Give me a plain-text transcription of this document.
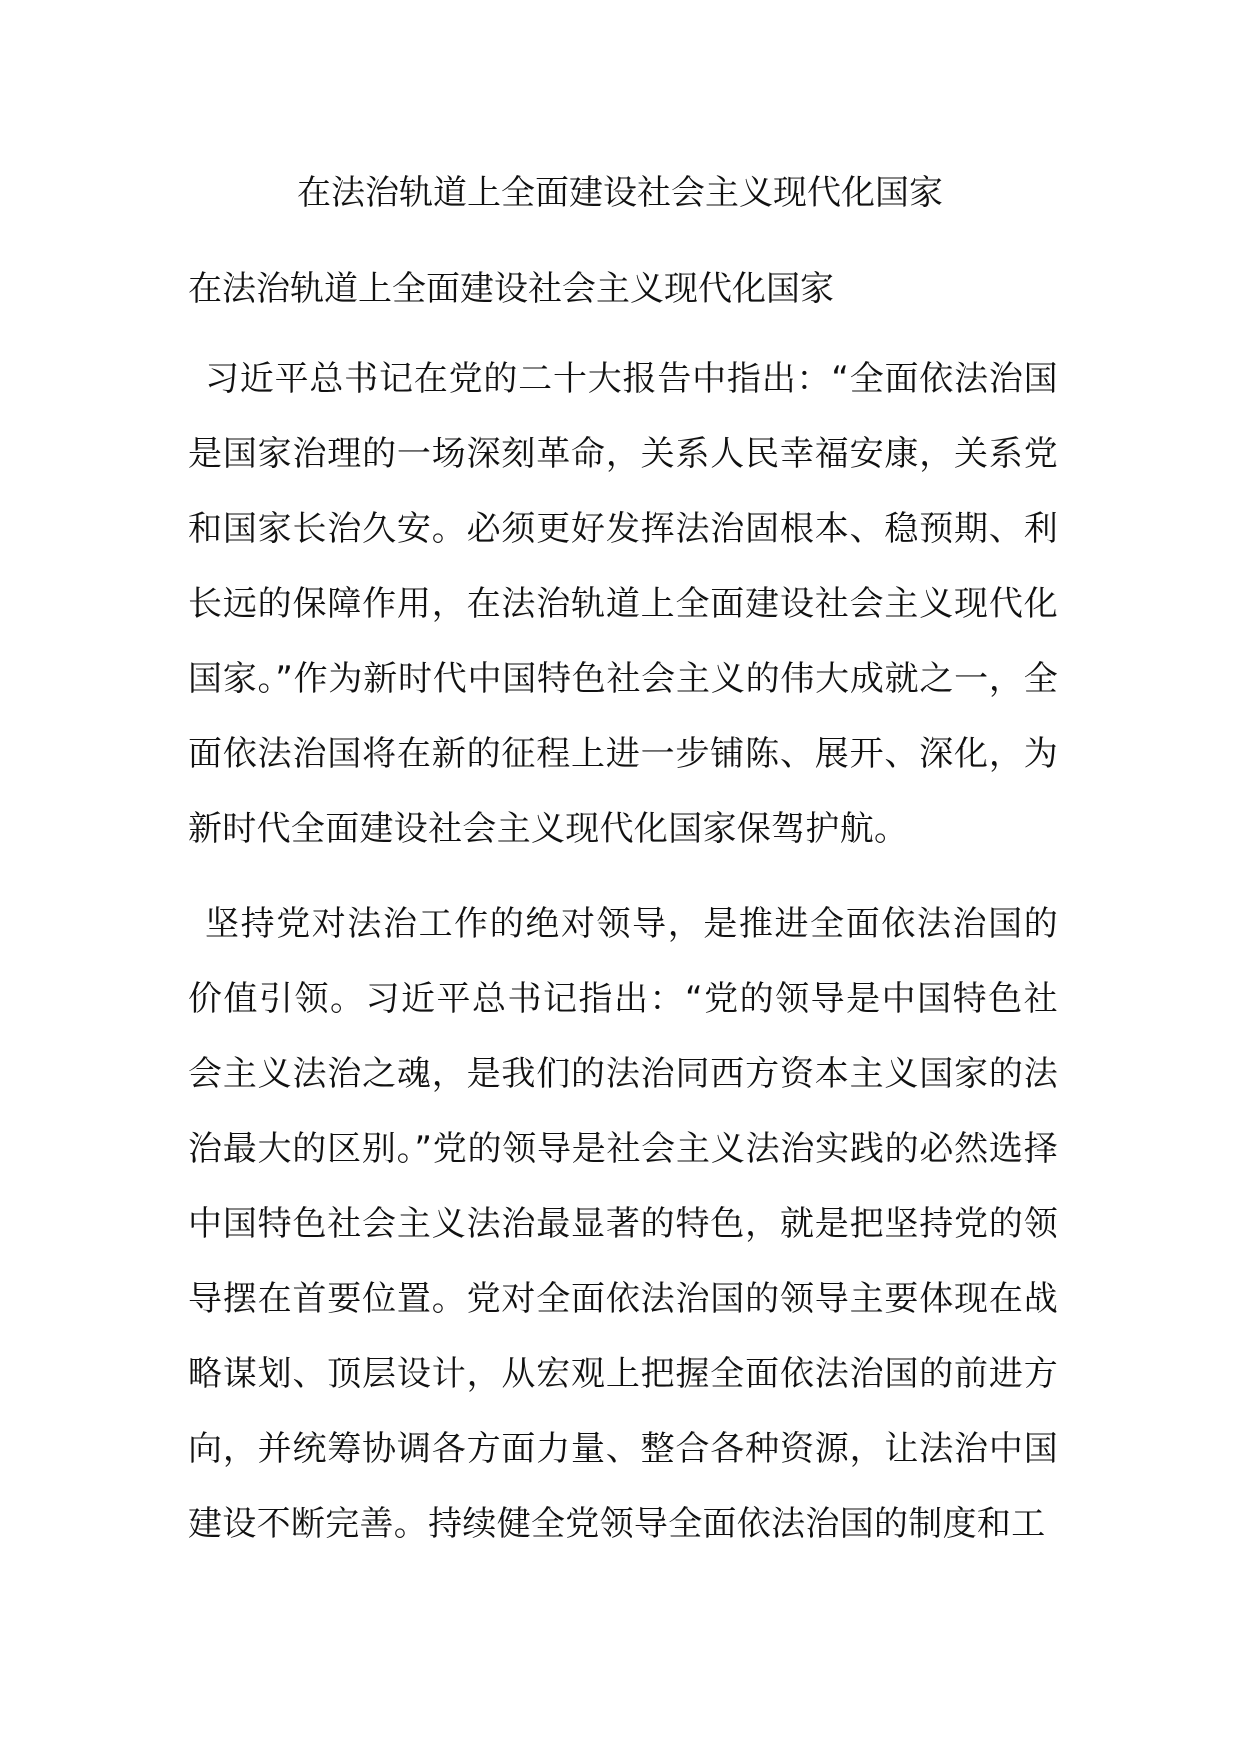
在法治轨道上全面建设社会主义现代化国家
在法治轨道上全面建设社会主义现代化国家

习近平总书记在党的二十大报告中指出：“全面依法治国是国家治理的一场深刻革命，关系人民幸福安康，关系党和国家长治久安。必须更好发挥法治固根本、稳预期、利长远的保障作用，在法治轨道上全面建设社会主义现代化国家。”作为新时代中国特色社会主义的伟大成就之一，全面依法治国将在新的征程上进一步铺陈、展开、深化，为新时代全面建设社会主义现代化国家保驾护航。

坚持党对法治工作的绝对领导，是推进全面依法治国的价值引领。习近平总书记指出：“党的领导是中国特色社会主义法治之魂，是我们的法治同西方资本主义国家的法治最大的区别。”党的领导是社会主义法治实践的必然选择中国特色社会主义法治最显著的特色，就是把坚持党的领导摆在首要位置。党对全面依法治国的领导主要体现在战略谋划、顶层设计，从宏观上把握全面依法治国的前进方向，并统筹协调各方面力量、整合各种资源，让法治中国建设不断完善。持续健全党领导全面依法治国的制度和工
